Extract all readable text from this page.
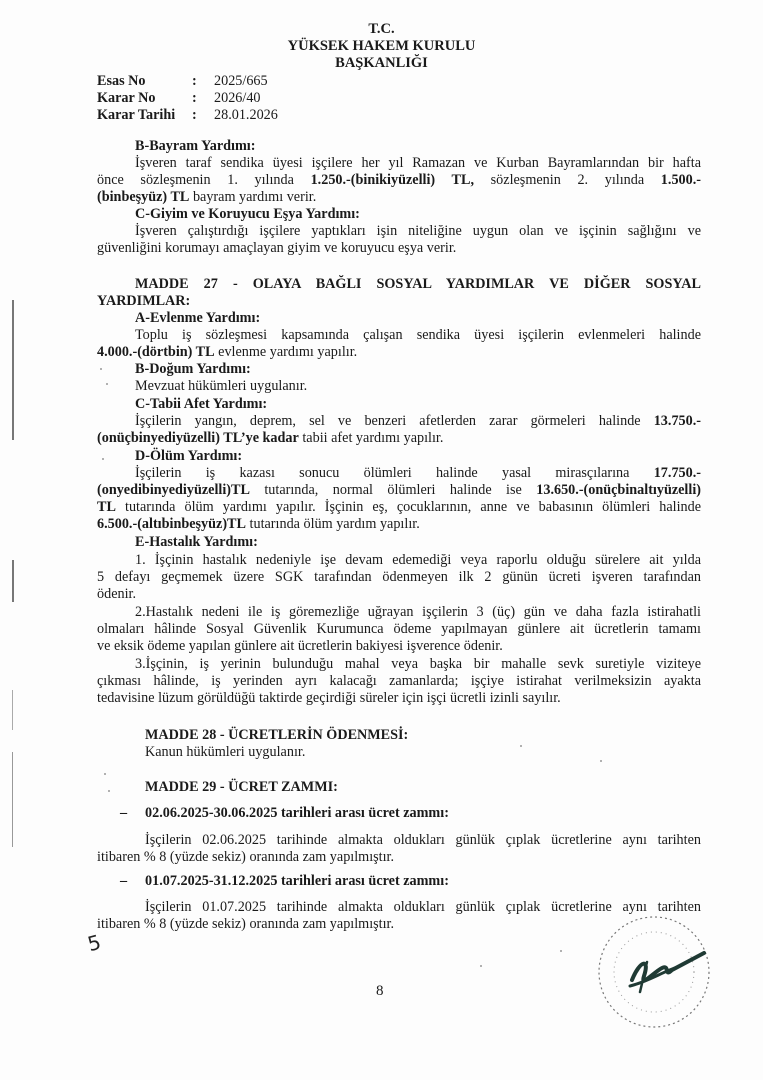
T.C.
YÜKSEK HAKEM KURULU
BAŞKANLIĞI
Esas No	: 2025/665
Karar No	: 2026/40
Karar Tarihi : 28.01.2026
B-Bayram Yardımı:
İşveren taraf sendika üyesi işçilere her yıl Ramazan ve Kurban Bayramlarından bir hafta
önce sözleşmenin 1. yılında 1.250.-(binikiyüzelli) TL, sözleşmenin 2. yılında 1.500.-
(binbeşyüz) TL bayram yardımı verir.
C-Giyim ve Koruyucu Eşya Yardımı:
İşveren çalıştırdığı işçilere yaptıkları işin niteliğine uygun olan ve işçinin sağlığını ve
güvenliğini korumayı amaçlayan giyim ve koruyucu eşya verir.
MADDE 27 - OLAYA BAĞLI SOSYAL YARDIMLAR VE DİĞER SOSYAL
YARDIMLAR:
A-Evlenme Yardımı:
Toplu iş sözleşmesi kapsamında çalışan sendika üyesi işçilerin evlenmeleri halinde
4.000.-(dörtbin) TL evlenme yardımı yapılır.
B-Doğum Yardımı:
Mevzuat hükümleri uygulanır.
C-Tabii Afet Yardımı:
İşçilerin yangın, deprem, sel ve benzeri afetlerden zarar görmeleri halinde 13.750.-
(onüçbinyediyüzelli) TL’ye kadar tabii afet yardımı yapılır.
D-Ölüm Yardımı:
İşçilerin iş kazası sonucu ölümleri halinde yasal mirasçılarına 17.750.-
(onyedibinyediyüzelli)TL tutarında, normal ölümleri halinde ise 13.650.-(onüçbinaltıyüzelli)
TL tutarında ölüm yardımı yapılır. İşçinin eş, çocuklarının, anne ve babasının ölümleri halinde
6.500.-(altıbinbeşyüz)TL tutarında ölüm yardım yapılır.
E-Hastalık Yardımı:
1. İşçinin hastalık nedeniyle işe devam edemediği veya raporlu olduğu sürelere ait yılda
5 defayı geçmemek üzere SGK tarafından ödenmeyen ilk 2 günün ücreti işveren tarafından
ödenir.
2.Hastalık nedeni ile iş göremezliğe uğrayan işçilerin 3 (üç) gün ve daha fazla istirahatli
olmaları hâlinde Sosyal Güvenlik Kurumunca ödeme yapılmayan günlere ait ücretlerin tamamı
ve eksik ödeme yapılan günlere ait ücretlerin bakiyesi işverence ödenir.
3.İşçinin, iş yerinin bulunduğu mahal veya başka bir mahalle sevk suretiyle viziteye
çıkması hâlinde, iş yerinden ayrı kalacağı zamanlarda; işçiye istirahat verilmeksizin ayakta
tedavisine lüzum görüldüğü taktirde geçirdiği süreler için işçi ücretli izinli sayılır.
MADDE 28 - ÜCRETLERİN ÖDENMESİ:
Kanun hükümleri uygulanır.
MADDE 29 - ÜCRET ZAMMI:
– 02.06.2025-30.06.2025 tarihleri arası ücret zammı:
İşçilerin 02.06.2025 tarihinde almakta oldukları günlük çıplak ücretlerine aynı tarihten
itibaren % 8 (yüzde sekiz) oranında zam yapılmıştır.
– 01.07.2025-31.12.2025 tarihleri arası ücret zammı:
İşçilerin 01.07.2025 tarihinde almakta oldukları günlük çıplak ücretlerine aynı tarihten
itibaren % 8 (yüzde sekiz) oranında zam yapılmıştır.
5
8
